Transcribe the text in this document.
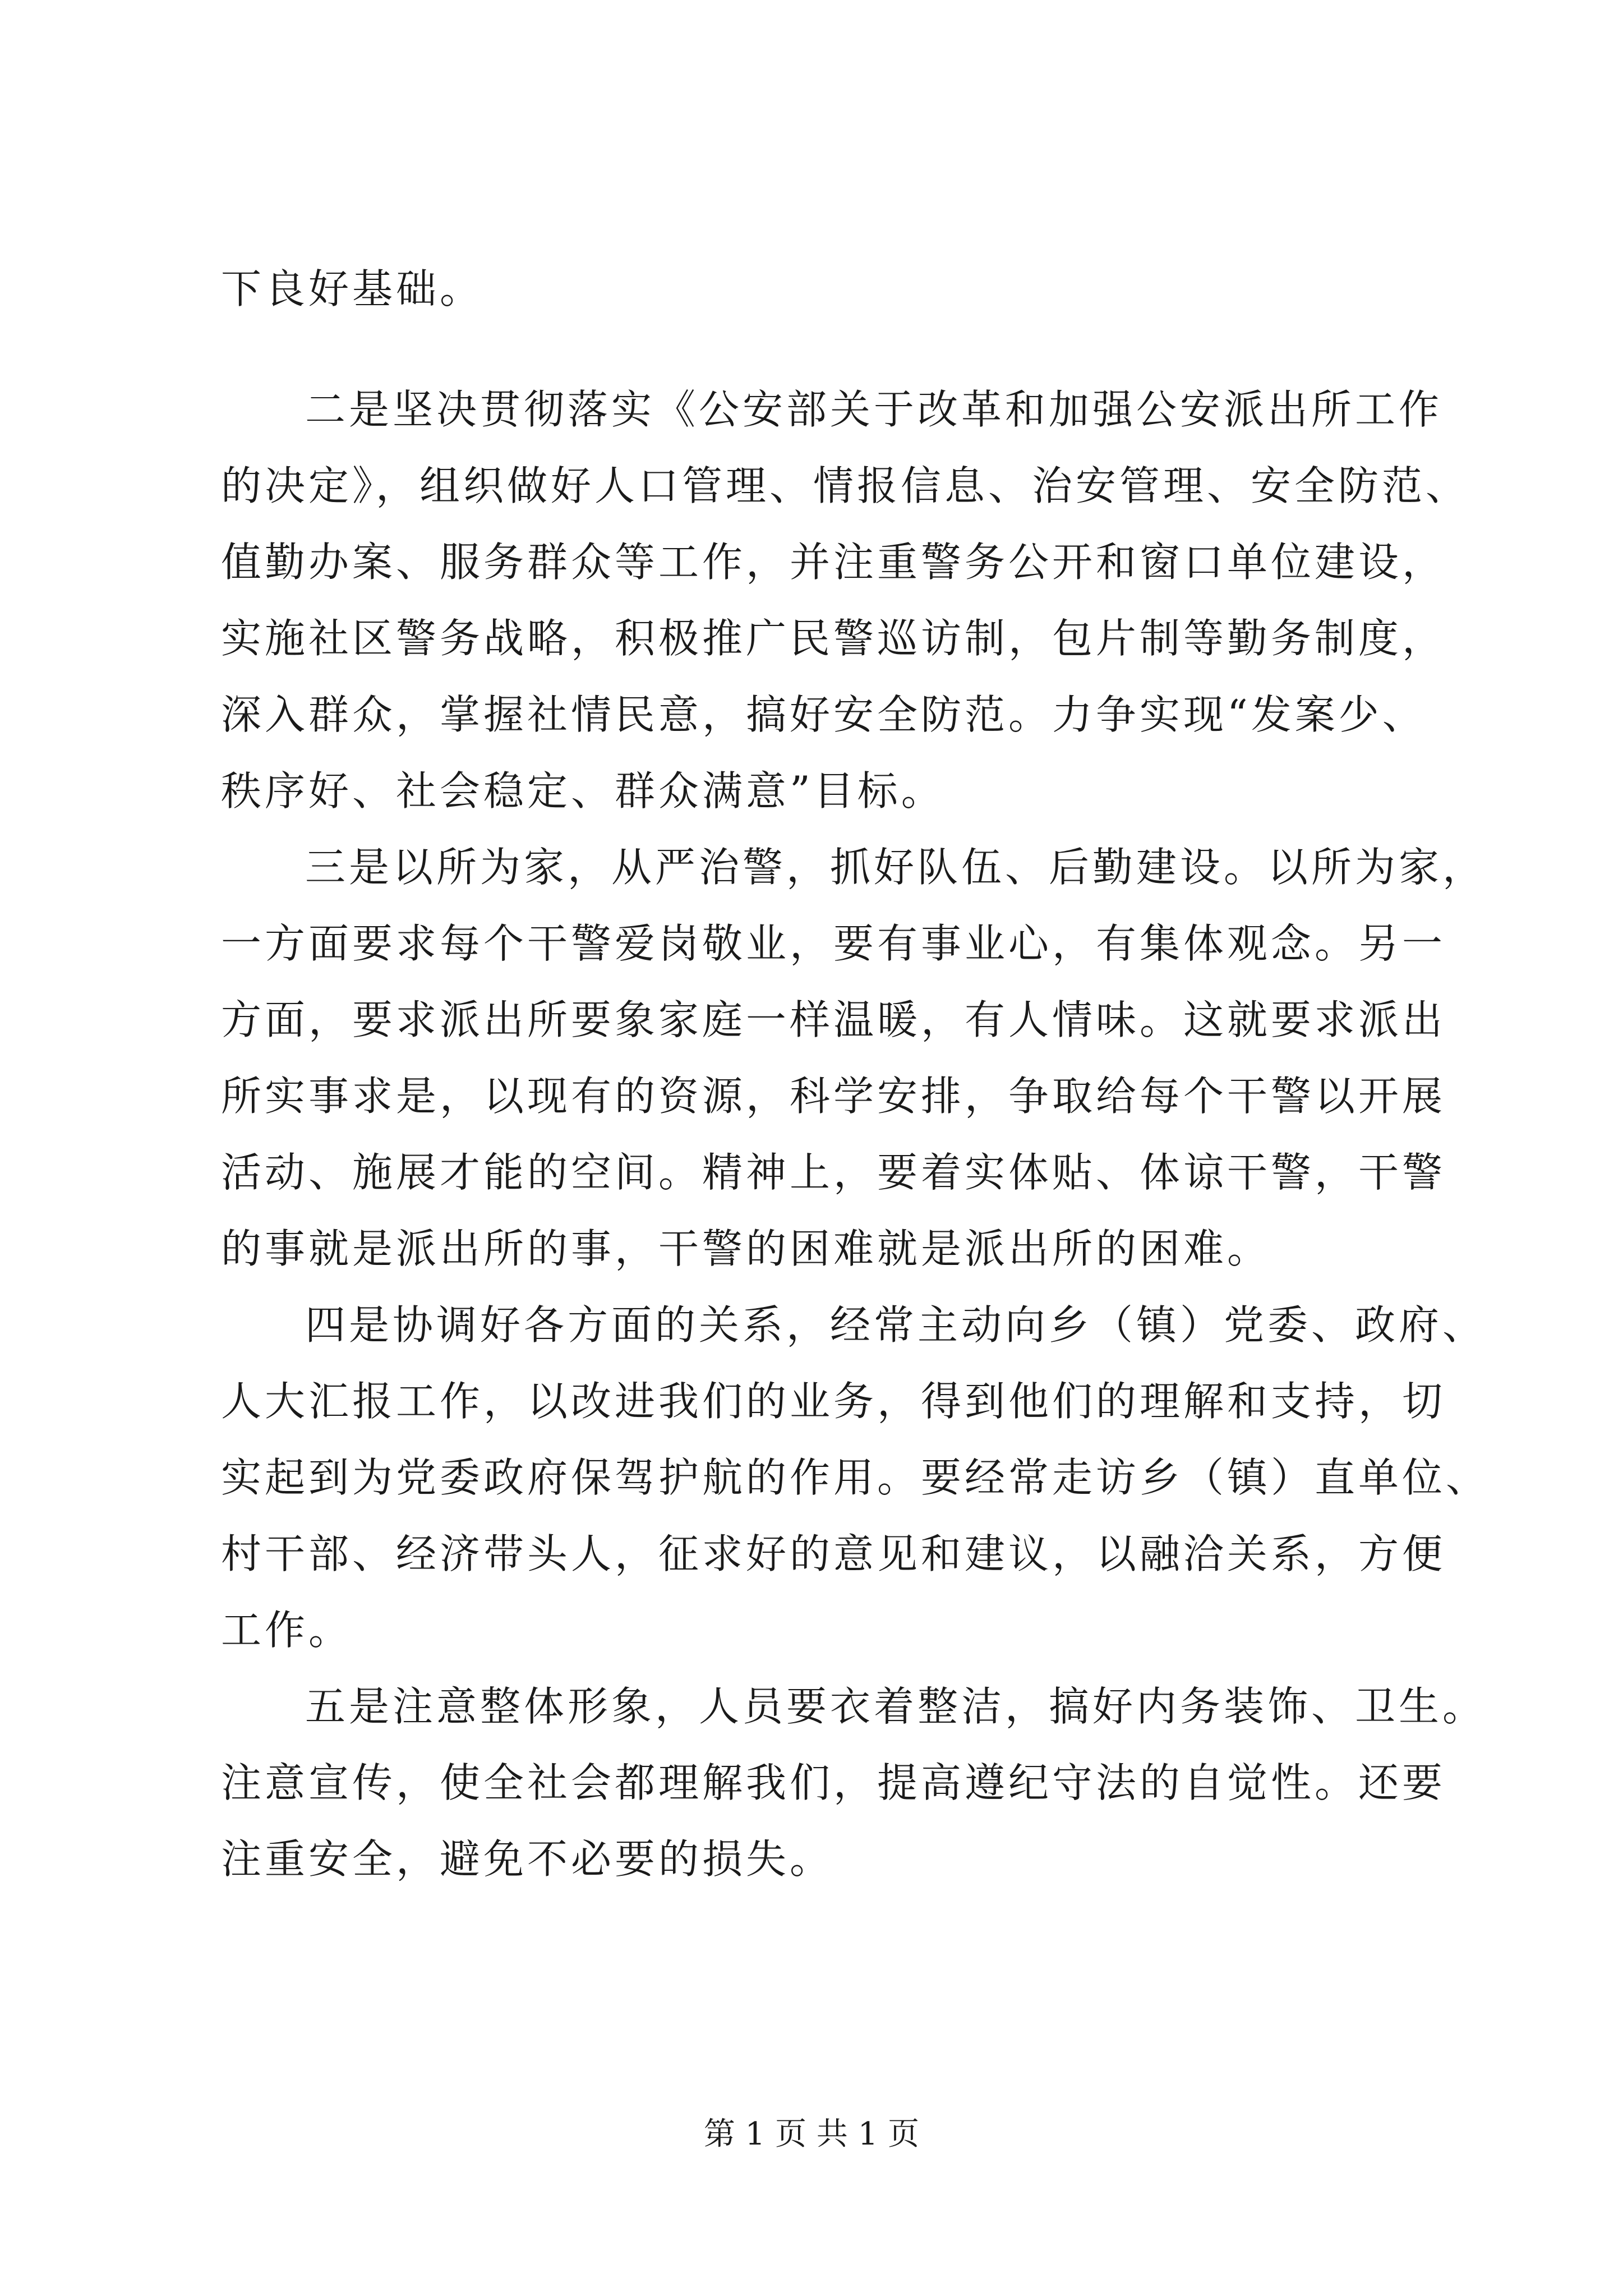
下良好基础。
二是坚决贯彻落实《公安部关于改革和加强公安派出所工作
的决定》，组织做好人口管理、情报信息、治安管理、安全防范、
值勤办案、服务群众等工作，并注重警务公开和窗口单位建设，
实施社区警务战略，积极推广民警巡访制，包片制等勤务制度，
深入群众，掌握社情民意，搞好安全防范。力争实现“发案少、
秩序好、社会稳定、群众满意”目标。
三是以所为家，从严治警，抓好队伍、后勤建设。以所为家，
一方面要求每个干警爱岗敬业，要有事业心，有集体观念。另一
方面，要求派出所要象家庭一样温暖，有人情味。这就要求派出
所实事求是，以现有的资源，科学安排，争取给每个干警以开展
活动、施展才能的空间。精神上，要着实体贴、体谅干警，干警
的事就是派出所的事，干警的困难就是派出所的困难。
四是协调好各方面的关系，经常主动向乡（镇）党委、政府、
人大汇报工作，以改进我们的业务，得到他们的理解和支持，切
实起到为党委政府保驾护航的作用。要经常走访乡（镇）直单位、
村干部、经济带头人，征求好的意见和建议，以融洽关系，方便
工作。
五是注意整体形象，人员要衣着整洁，搞好内务装饰、卫生。
注意宣传，使全社会都理解我们，提高遵纪守法的自觉性。还要
注重安全，避免不必要的损失。
第 1 页 共 1 页
